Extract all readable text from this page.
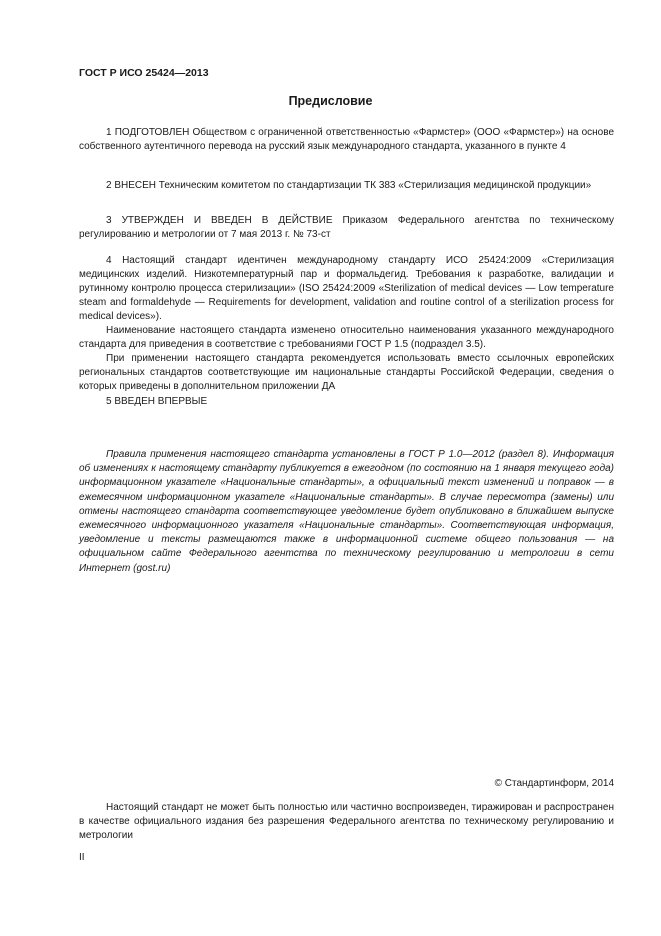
ГОСТ Р ИСО 25424—2013
Предисловие

1 ПОДГОТОВЛЕН Обществом с ограниченной ответственностью «Фармстер» (ООО «Фармстер») на основе собственного аутентичного перевода на русский язык международного стандарта, указанного в пункте 4

2 ВНЕСЕН Техническим комитетом по стандартизации ТК 383 «Стерилизация медицинской продукции»

3 УТВЕРЖДЕН И ВВЕДЕН В ДЕЙСТВИЕ Приказом Федерального агентства по техническому регулированию и метрологии от 7 мая 2013 г. № 73-ст

4 Настоящий стандарт идентичен международному стандарту ИСО 25424:2009 «Стерилизация медицинских изделий. Низкотемпературный пар и формальдегид. Требования к разработке, валидации и рутинному контролю процесса стерилизации» (ISO 25424:2009 «Sterilization of medical devices — Low temperature steam and formaldehyde — Requirements for development, validation and routine control of a sterilization process for medical devices»).

Наименование настоящего стандарта изменено относительно наименования указанного международного стандарта для приведения в соответствие с требованиями ГОСТ Р 1.5 (подраздел 3.5).

При применении настоящего стандарта рекомендуется использовать вместо ссылочных европейских региональных стандартов соответствующие им национальные стандарты Российской Федерации, сведения о которых приведены в дополнительном приложении ДА

5 ВВЕДЕН ВПЕРВЫЕ

Правила применения настоящего стандарта установлены в ГОСТ Р 1.0—2012 (раздел 8). Информация об изменениях к настоящему стандарту публикуется в ежегодном (по состоянию на 1 января текущего года) информационном указателе «Национальные стандарты», а официальный текст изменений и поправок — в ежемесячном информационном указателе «Национальные стандарты». В случае пересмотра (замены) или отмены настоящего стандарта соответствующее уведомление будет опубликовано в ближайшем выпуске ежемесячного информационного указателя «Национальные стандарты». Соответствующая информация, уведомление и тексты размещаются также в информационной системе общего пользования — на официальном сайте Федерального агентства по техническому регулированию и метрологии в сети Интернет (gost.ru)

© Стандартинформ, 2014

Настоящий стандарт не может быть полностью или частично воспроизведен, тиражирован и распространен в качестве официального издания без разрешения Федерального агентства по техническому регулированию и метрологии

II
